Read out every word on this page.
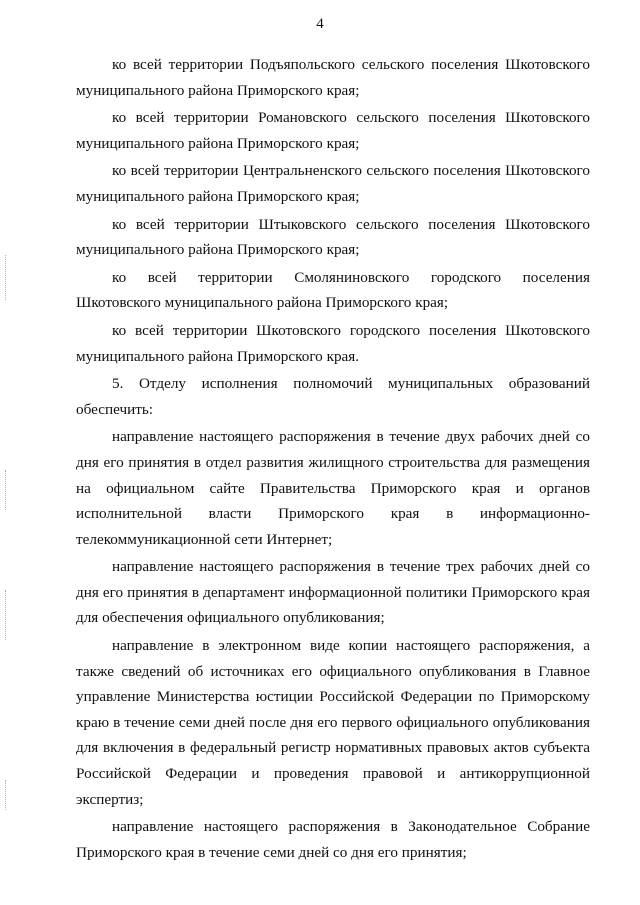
4

ко всей территории Подъяпольского сельского поселения Шкотовского муниципального района Приморского края;

ко всей территории Романовского сельского поселения Шкотовского муниципального района Приморского края;

ко всей территории Центральненского сельского поселения Шкотовского муниципального района Приморского края;

ко всей территории Штыковского сельского поселения Шкотовского муниципального района Приморского края;

ко всей территории Смоляниновского городского поселения Шкотовского муниципального района Приморского края;

ко всей территории Шкотовского городского поселения Шкотовского муниципального района Приморского края.

5. Отделу исполнения полномочий муниципальных образований обеспечить:

направление настоящего распоряжения в течение двух рабочих дней со дня его принятия в отдел развития жилищного строительства для размещения на официальном сайте Правительства Приморского края и органов исполнительной власти Приморского края в информационно-телекоммуникационной сети Интернет;

направление настоящего распоряжения в течение трех рабочих дней со дня его принятия в департамент информационной политики Приморского края для обеспечения официального опубликования;

направление в электронном виде копии настоящего распоряжения, а также сведений об источниках его официального опубликования в Главное управление Министерства юстиции Российской Федерации по Приморскому краю в течение семи дней после дня его первого официального опубликования для включения в федеральный регистр нормативных правовых актов субъекта Российской Федерации и проведения правовой и антикоррупционной экспертиз;

направление настоящего распоряжения в Законодательное Собрание Приморского края в течение семи дней со дня его принятия;
